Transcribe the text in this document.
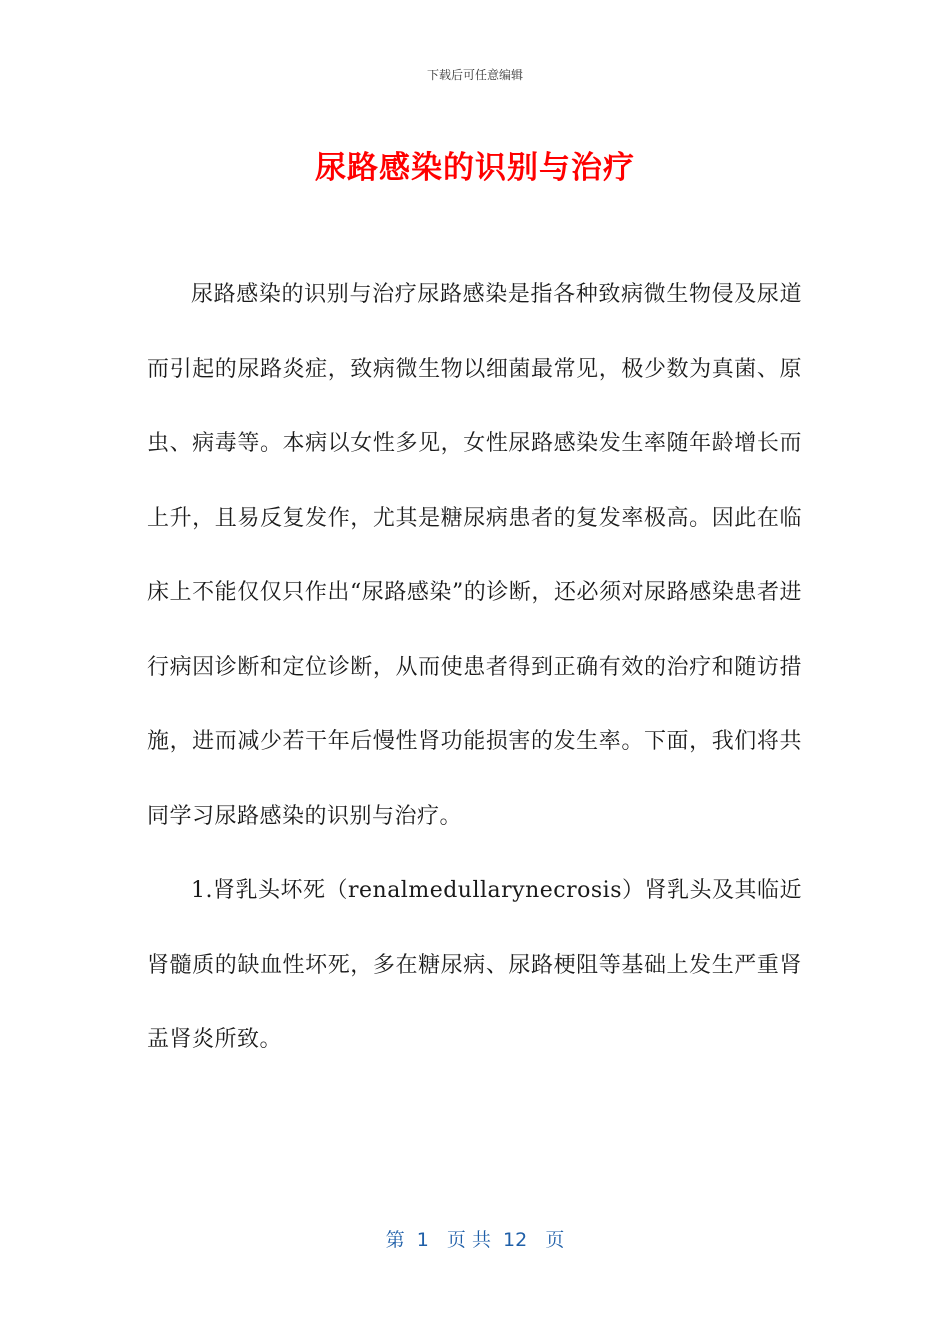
下载后可任意编辑
尿路感染的识别与治疗

尿路感染的识别与治疗尿路感染是指各种致病微生物侵及尿道而引起的尿路炎症，致病微生物以细菌最常见，极少数为真菌、原虫、病毒等。本病以女性多见，女性尿路感染发生率随年龄增长而上升，且易反复发作，尤其是糖尿病患者的复发率极高。因此在临床上不能仅仅只作出“尿路感染”的诊断，还必须对尿路感染患者进行病因诊断和定位诊断，从而使患者得到正确有效的治疗和随访措施，进而减少若干年后慢性肾功能损害的发生率。下面，我们将共同学习尿路感染的识别与治疗。

1.肾乳头坏死（renalmedullarynecrosis）肾乳头及其临近肾髓质的缺血性坏死，多在糖尿病、尿路梗阻等基础上发生严重肾盂肾炎所致。

第  1   页 共  12   页
